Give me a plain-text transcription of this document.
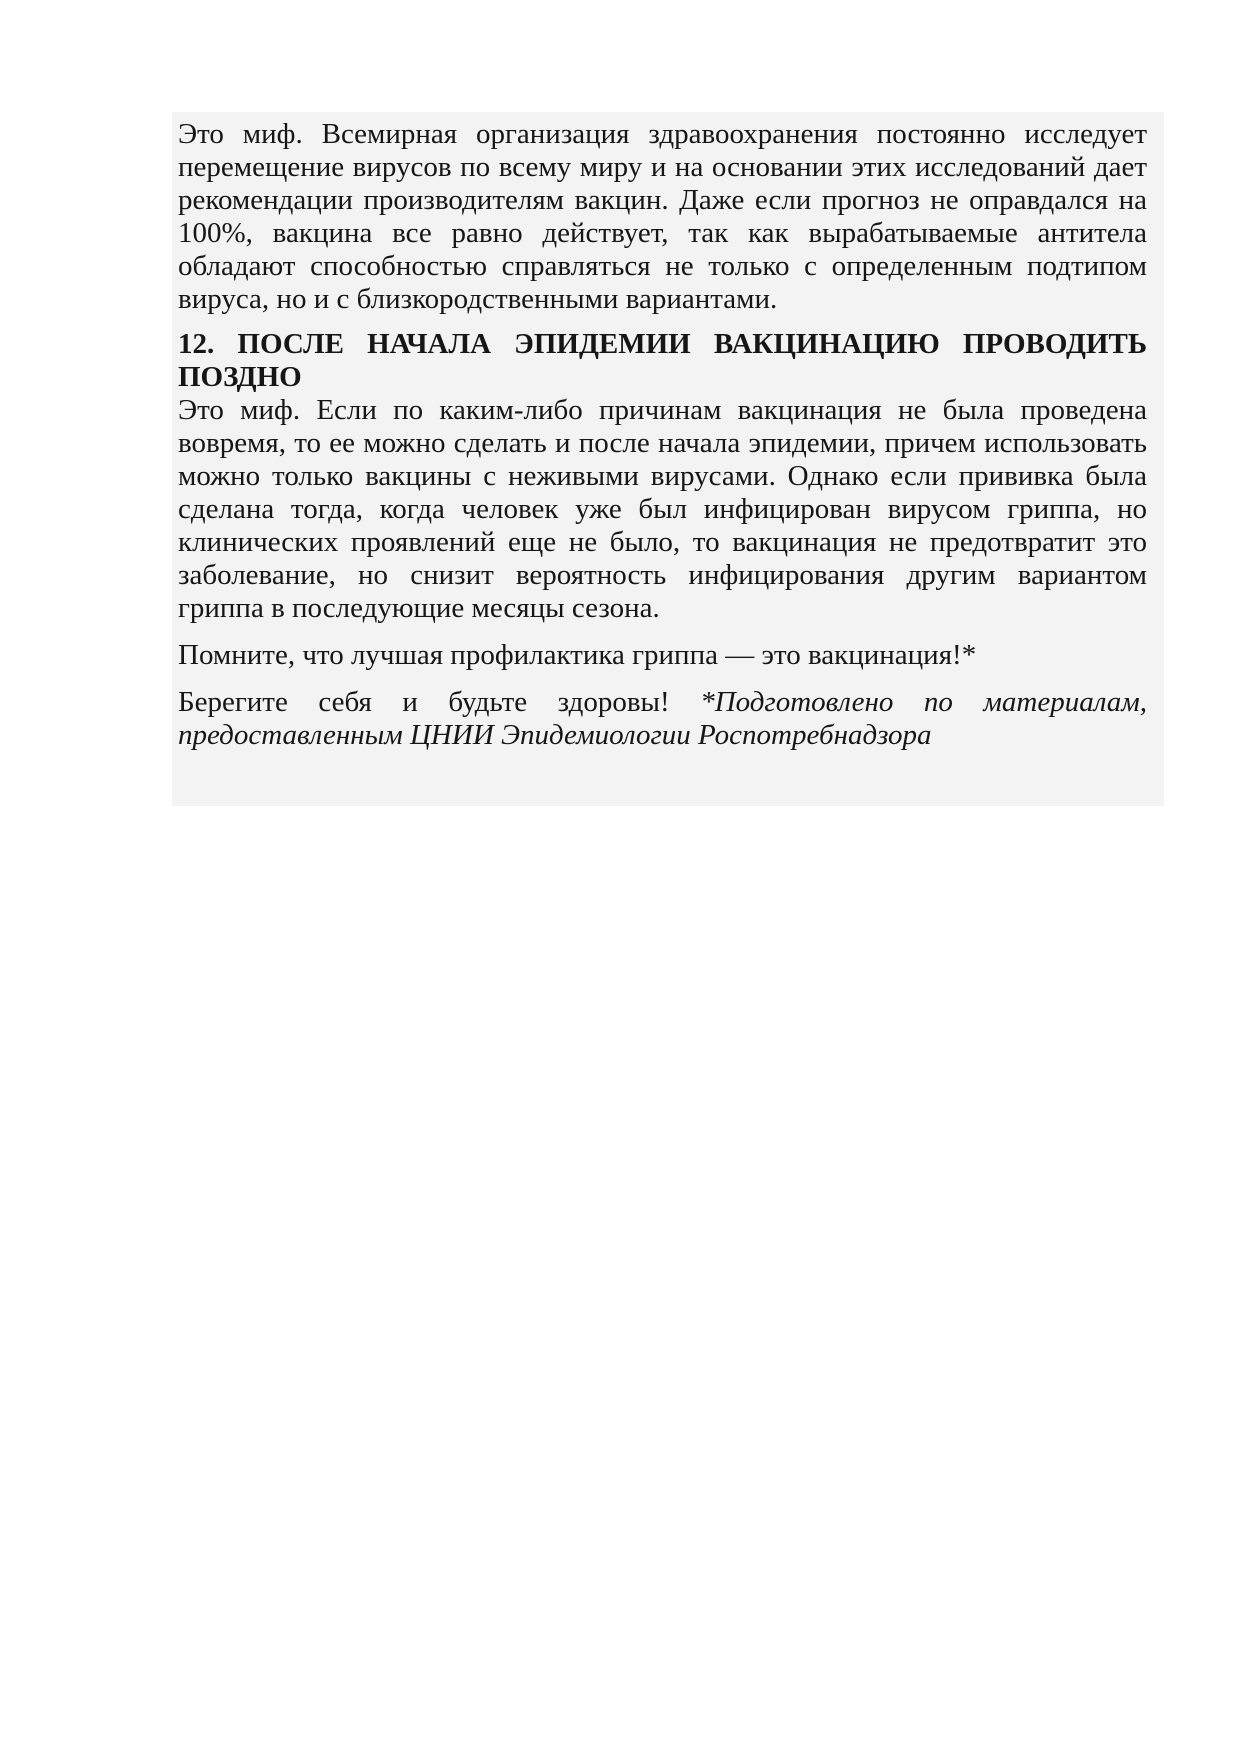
Это миф. Всемирная организация здравоохранения постоянно исследует перемещение вирусов по всему миру и на основании этих исследований дает рекомендации производителям вакцин. Даже если прогноз не оправдался на 100%, вакцина все равно действует, так как вырабатываемые антитела обладают способностью справляться не только с определенным подтипом вируса, но и с близкородственными вариантами.

12. ПОСЛЕ НАЧАЛА ЭПИДЕМИИ ВАКЦИНАЦИЮ ПРОВОДИТЬ ПОЗДНО

Это миф. Если по каким-либо причинам вакцинация не была проведена вовремя, то ее можно сделать и после начала эпидемии, причем использовать можно только вакцины с неживыми вирусами. Однако если прививка была сделана тогда, когда человек уже был инфицирован вирусом гриппа, но клинических проявлений еще не было, то вакцинация не предотвратит это заболевание, но снизит вероятность инфицирования другим вариантом гриппа в последующие месяцы сезона.

Помните, что лучшая профилактика гриппа — это вакцинация!*

Берегите себя и будьте здоровы! *Подготовлено по материалам, предоставленным ЦНИИ Эпидемиологии Роспотребнадзора
